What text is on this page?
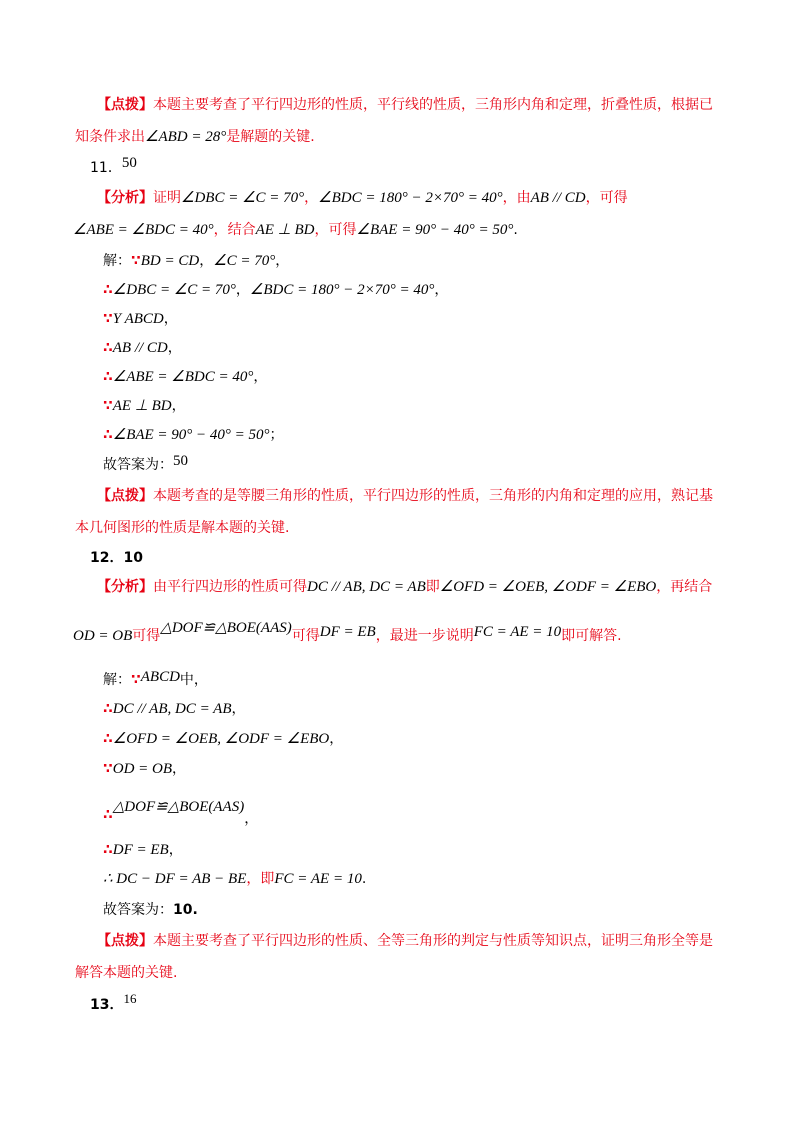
【点拨】本题主要考查了平行四边形的性质，平行线的性质，三角形内角和定理，折叠性质，根据已
知条件求出∠ABD = 28°是解题的关键.
11．50
【分析】证明∠DBC = ∠C = 70°，∠BDC = 180° − 2×70° = 40°，由AB // CD，可得
∠ABE = ∠BDC = 40°，结合AE ⊥ BD，可得∠BAE = 90° − 40° = 50°.
解：∵BD = CD，∠C = 70°，
∴∠DBC = ∠C = 70°，∠BDC = 180° − 2×70° = 40°，
∵Y ABCD，
∴AB // CD，
∴∠ABE = ∠BDC = 40°，
∵AE ⊥ BD，
∴∠BAE = 90° − 40° = 50°；
故答案为：50
【点拨】本题考查的是等腰三角形的性质，平行四边形的性质，三角形的内角和定理的应用，熟记基
本几何图形的性质是解本题的关键.
12．10
【分析】由平行四边形的性质可得DC // AB, DC = AB即∠OFD = ∠OEB, ∠ODF = ∠EBO，再结合
OD = OB可得△DOF≌△BOE(AAS)可得DF = EB，最进一步说明FC = AE = 10即可解答.
解：∵ABCD中，
∴DC // AB, DC = AB，
∴∠OFD = ∠OEB, ∠ODF = ∠EBO，
∵OD = OB，
∴△DOF≌△BOE(AAS)，
∴DF = EB，
∴ DC − DF = AB − BE，即FC = AE = 10.
故答案为：10.
【点拨】本题主要考查了平行四边形的性质、全等三角形的判定与性质等知识点，证明三角形全等是
解答本题的关键.
13．16
